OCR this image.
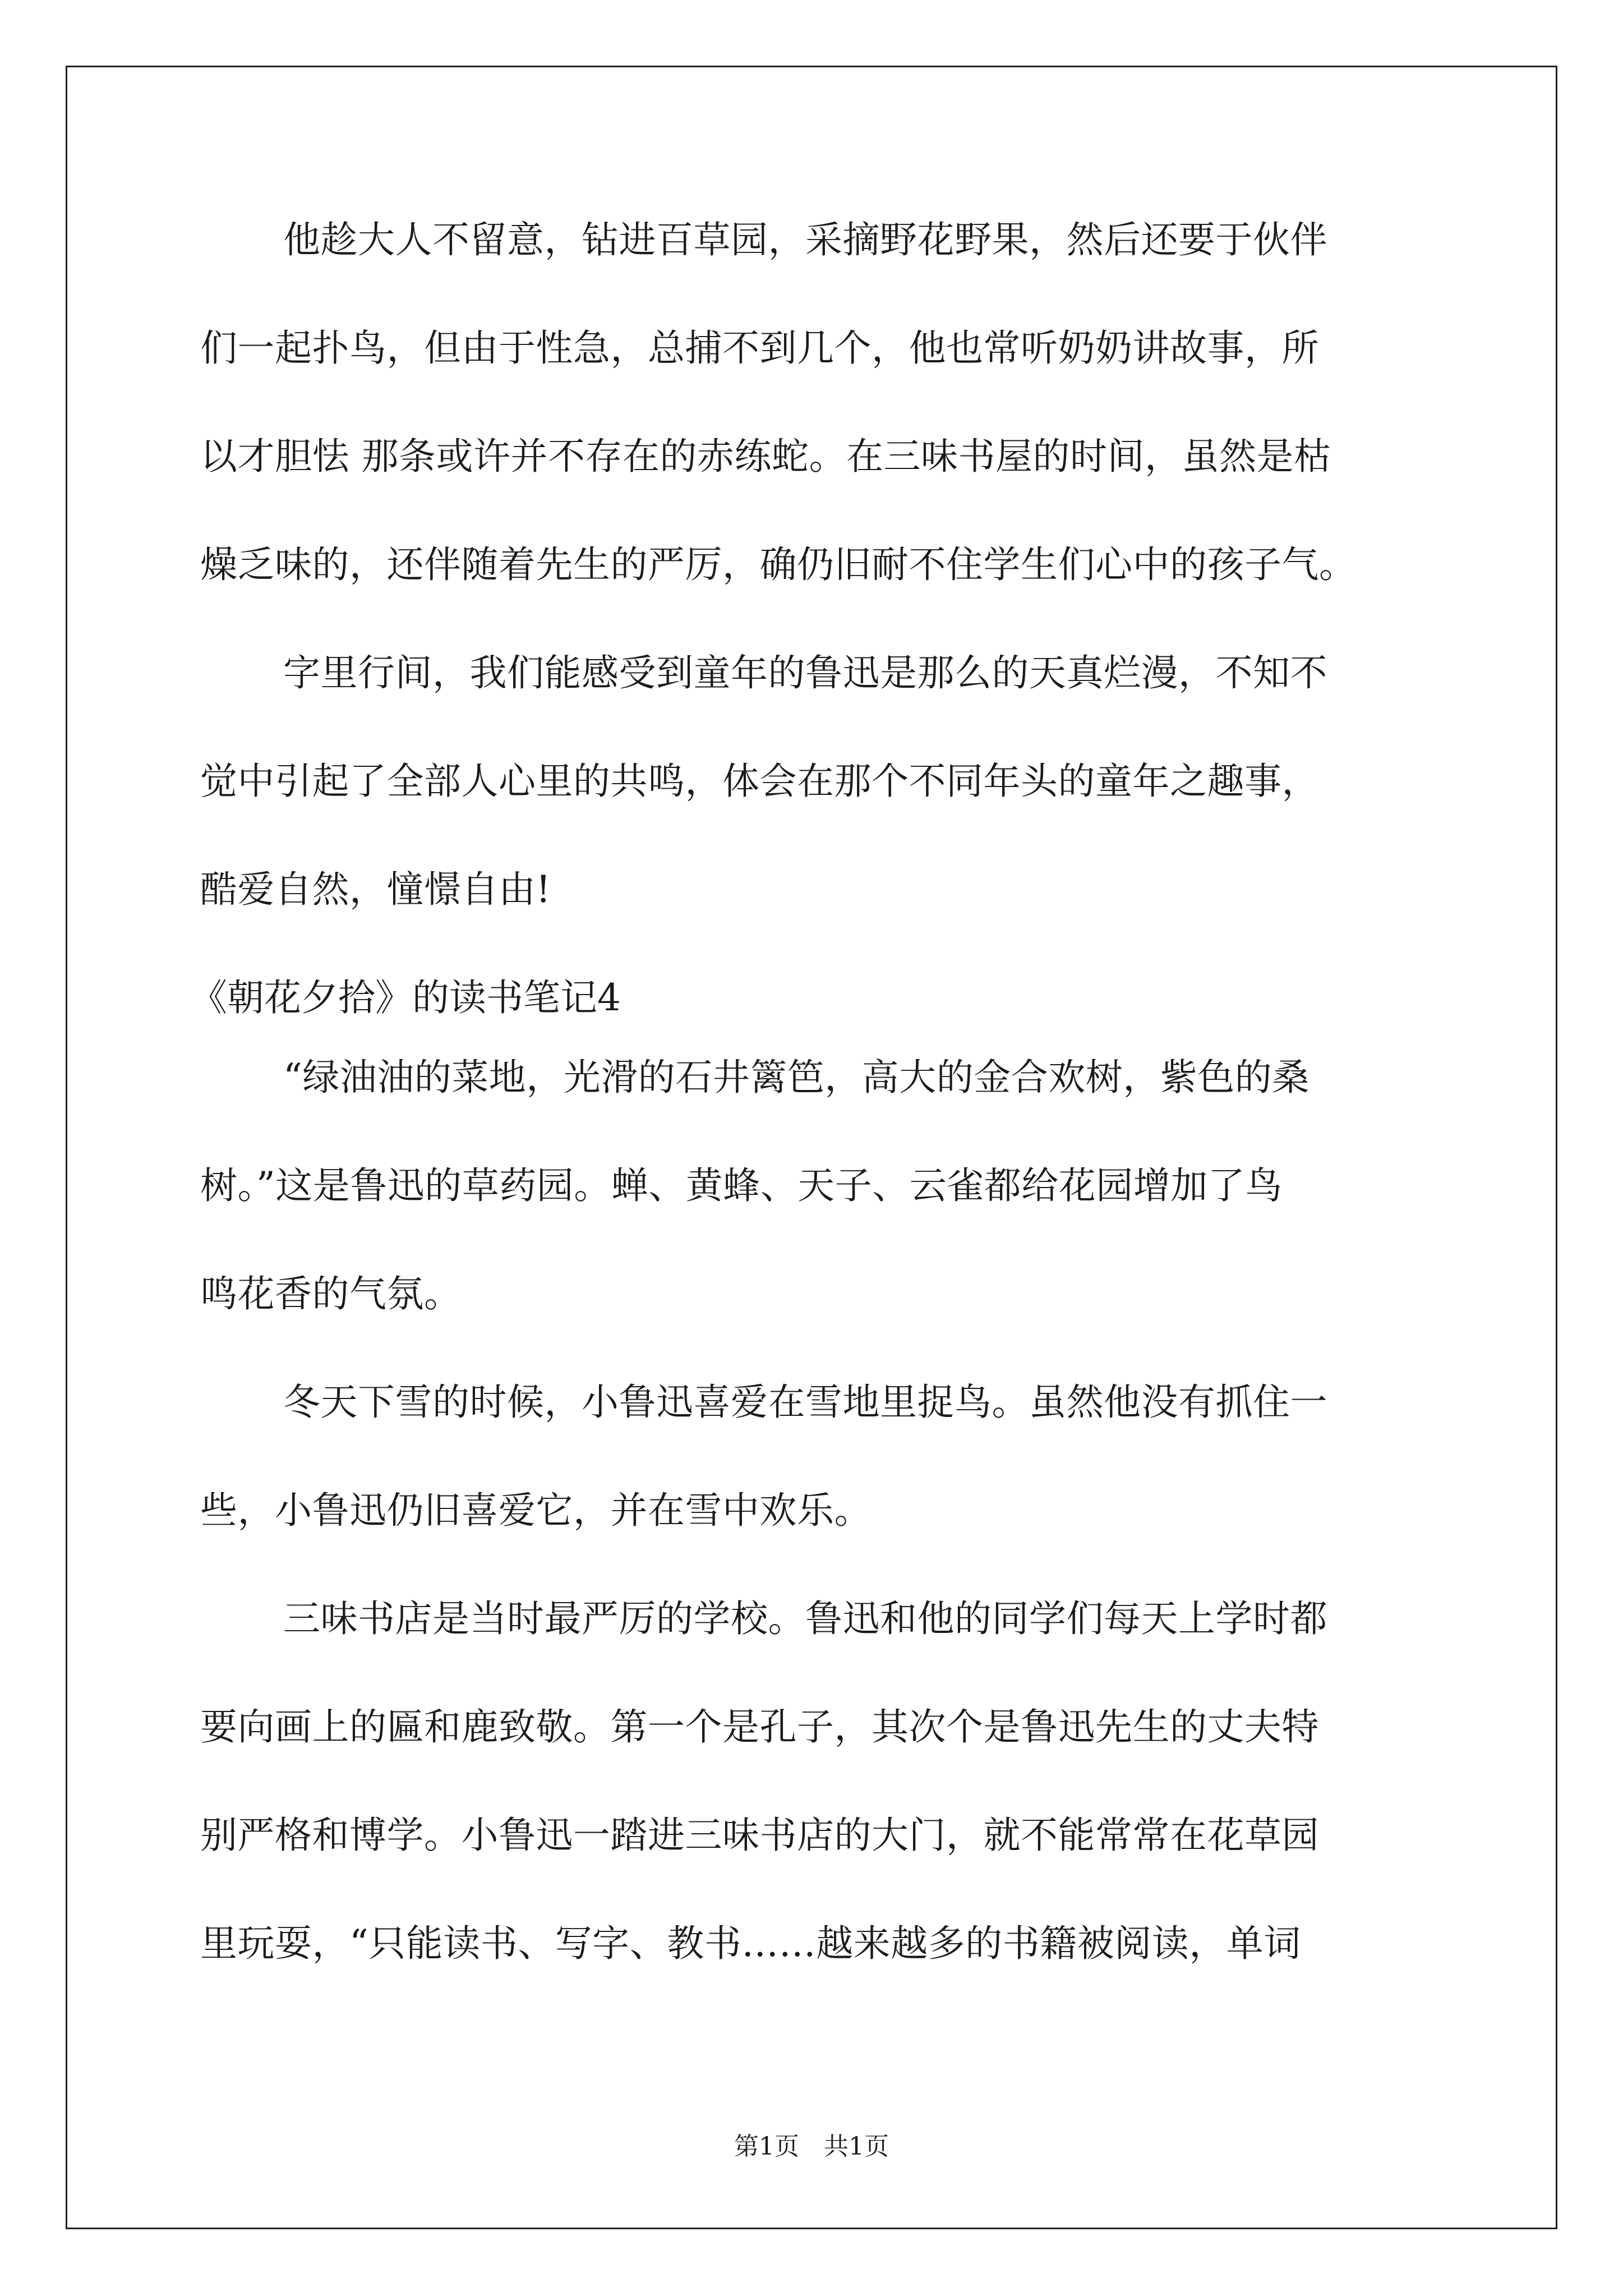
他趁大人不留意，钻进百草园，采摘野花野果，然后还要于伙伴
们一起扑鸟，但由于性急，总捕不到几个，他也常听奶奶讲故事，所
以才胆怯 那条或许并不存在的赤练蛇。在三味书屋的时间，虽然是枯
燥乏味的，还伴随着先生的严厉，确仍旧耐不住学生们心中的孩子气。
字里行间，我们能感受到童年的鲁迅是那么的天真烂漫，不知不
觉中引起了全部人心里的共鸣，体会在那个不同年头的童年之趣事，
酷爱自然，憧憬自由!
《朝花夕拾》的读书笔记4
“绿油油的菜地，光滑的石井篱笆，高大的金合欢树，紫色的桑
树。”这是鲁迅的草药园。蝉、黄蜂、天子、云雀都给花园增加了鸟
鸣花香的气氛。
冬天下雪的时候，小鲁迅喜爱在雪地里捉鸟。虽然他没有抓住一
些，小鲁迅仍旧喜爱它，并在雪中欢乐。
三味书店是当时最严厉的学校。鲁迅和他的同学们每天上学时都
要向画上的匾和鹿致敬。第一个是孔子，其次个是鲁迅先生的丈夫特
别严格和博学。小鲁迅一踏进三味书店的大门，就不能常常在花草园
里玩耍，“只能读书、写字、教书……越来越多的书籍被阅读，单词
第1页 共1页
